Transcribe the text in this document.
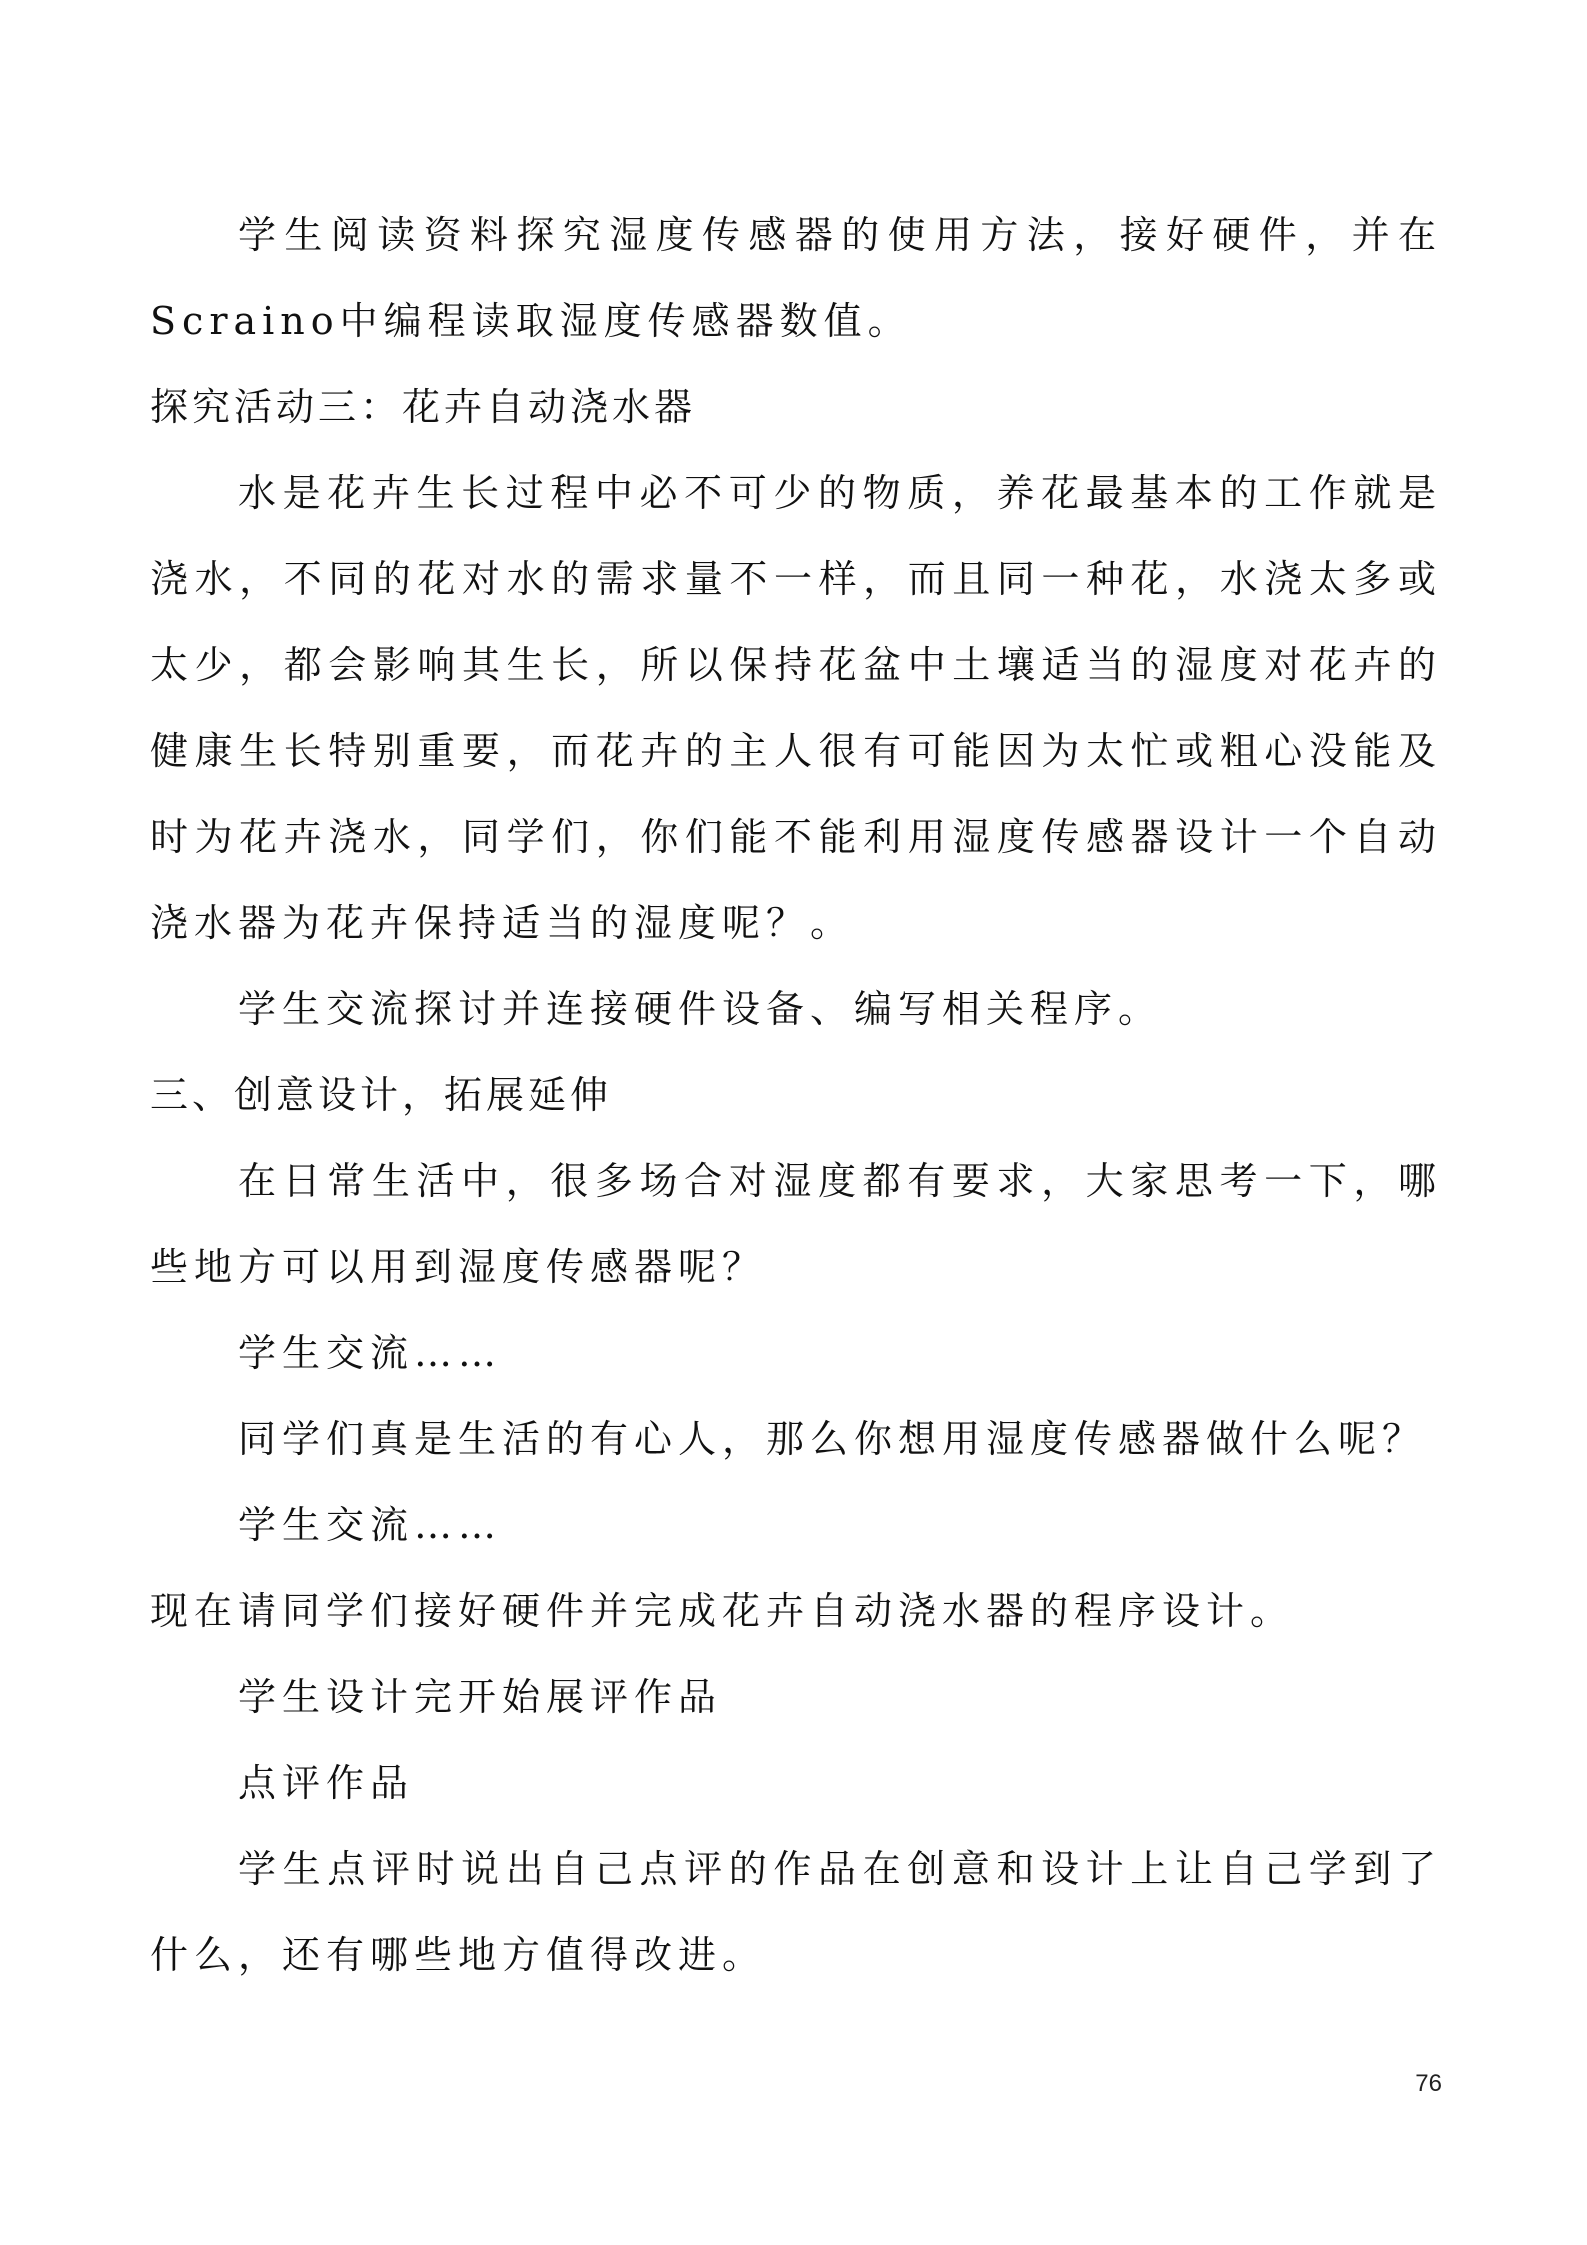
学生阅读资料探究湿度传感器的使用方法，接好硬件，并在Scraino中编程读取湿度传感器数值。

探究活动三：花卉自动浇水器

水是花卉生长过程中必不可少的物质，养花最基本的工作就是浇水，不同的花对水的需求量不一样，而且同一种花，水浇太多或太少，都会影响其生长，所以保持花盆中土壤适当的湿度对花卉的健康生长特别重要，而花卉的主人很有可能因为太忙或粗心没能及时为花卉浇水，同学们，你们能不能利用湿度传感器设计一个自动浇水器为花卉保持适当的湿度呢？。

学生交流探讨并连接硬件设备、编写相关程序。

三、创意设计，拓展延伸

在日常生活中，很多场合对湿度都有要求，大家思考一下，哪些地方可以用到湿度传感器呢？

学生交流……

同学们真是生活的有心人，那么你想用湿度传感器做什么呢？

学生交流……

现在请同学们接好硬件并完成花卉自动浇水器的程序设计。

学生设计完开始展评作品

点评作品

学生点评时说出自己点评的作品在创意和设计上让自己学到了什么，还有哪些地方值得改进。

76
